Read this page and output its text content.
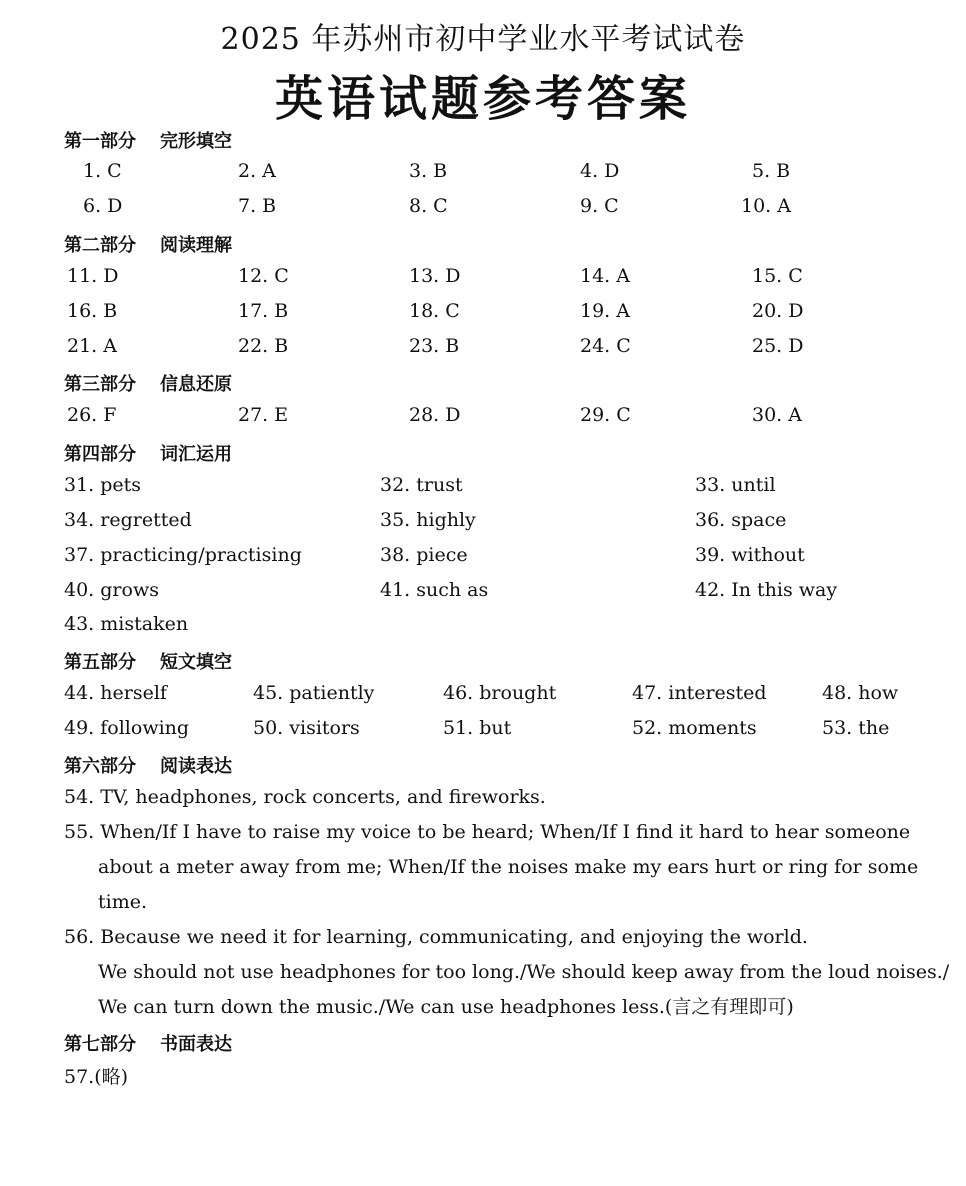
2025 年苏州市初中学业水平考试试卷
英语试题参考答案
第一部分 完形填空
1. C	2. A	3. B	4. D	5. B
6. D	7. B	8. C	9. C	10. A
第二部分 阅读理解
11. D	12. C	13. D	14. A	15. C
16. B	17. B	18. C	19. A	20. D
21. A	22. B	23. B	24. C	25. D
第三部分 信息还原
26. F	27. E	28. D	29. C	30. A
第四部分 词汇运用
31. pets	32. trust	33. until
34. regretted	35. highly	36. space
37. practicing/practising	38. piece	39. without
40. grows	41. such as	42. In this way
43. mistaken
第五部分 短文填空
44. herself	45. patiently	46. brought	47. interested	48. how
49. following	50. visitors	51. but	52. moments	53. the
第六部分 阅读表达
54. TV, headphones, rock concerts, and fireworks.
55. When/If I have to raise my voice to be heard; When/If I find it hard to hear someone
about a meter away from me; When/If the noises make my ears hurt or ring for some
time.
56. Because we need it for learning, communicating, and enjoying the world.
We should not use headphones for too long./We should keep away from the loud noises./
We can turn down the music./We can use headphones less.(言之有理即可)
第七部分 书面表达
57.(略)
